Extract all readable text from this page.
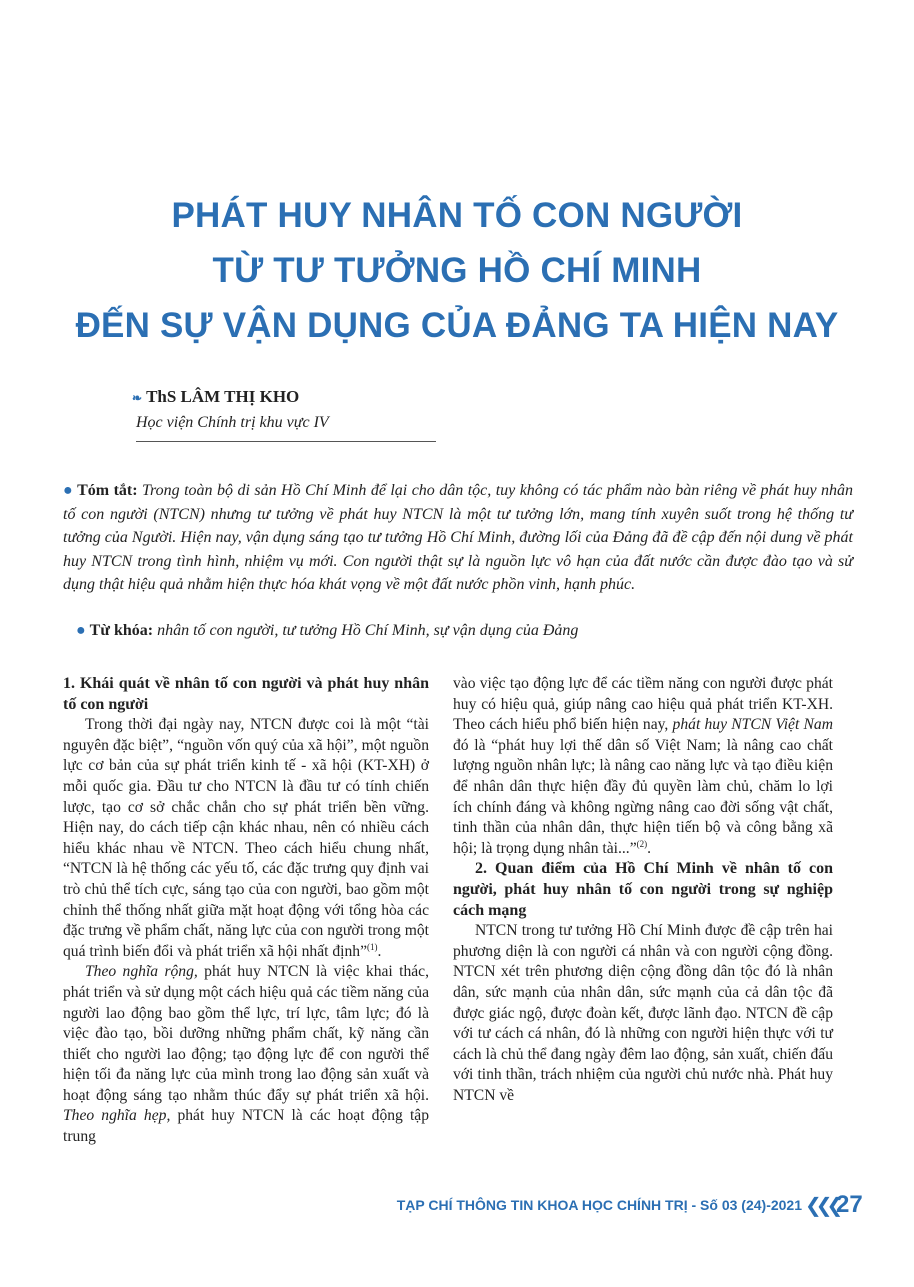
PHÁT HUY NHÂN TỐ CON NGƯỜI
TỪ TƯ TƯỞNG HỒ CHÍ MINH
ĐẾN SỰ VẬN DỤNG CỦA ĐẢNG TA HIỆN NAY
❧ ThS LÂM THỊ KHO
Học viện Chính trị khu vực IV
● Tóm tắt: Trong toàn bộ di sản Hồ Chí Minh để lại cho dân tộc, tuy không có tác phẩm nào bàn riêng về phát huy nhân tố con người (NTCN) nhưng tư tưởng về phát huy NTCN là một tư tưởng lớn, mang tính xuyên suốt trong hệ thống tư tưởng của Người. Hiện nay, vận dụng sáng tạo tư tưởng Hồ Chí Minh, đường lối của Đảng đã đề cập đến nội dung về phát huy NTCN trong tình hình, nhiệm vụ mới. Con người thật sự là nguồn lực vô hạn của đất nước cần được đào tạo và sử dụng thật hiệu quả nhằm hiện thực hóa khát vọng về một đất nước phồn vinh, hạnh phúc.
● Từ khóa: nhân tố con người, tư tưởng Hồ Chí Minh, sự vận dụng của Đảng
1. Khái quát về nhân tố con người và phát huy nhân tố con người

Trong thời đại ngày nay, NTCN được coi là một “tài nguyên đặc biệt”, “nguồn vốn quý của xã hội”, một nguồn lực cơ bản của sự phát triển kinh tế - xã hội (KT-XH) ở mỗi quốc gia. Đầu tư cho NTCN là đầu tư có tính chiến lược, tạo cơ sở chắc chắn cho sự phát triển bền vững. Hiện nay, do cách tiếp cận khác nhau, nên có nhiều cách hiểu khác nhau về NTCN. Theo cách hiểu chung nhất, “NTCN là hệ thống các yếu tố, các đặc trưng quy định vai trò chủ thể tích cực, sáng tạo của con người, bao gồm một chỉnh thể thống nhất giữa mặt hoạt động với tổng hòa các đặc trưng về phẩm chất, năng lực của con người trong một quá trình biến đổi và phát triển xã hội nhất định”$^{(1)}$.

Theo nghĩa rộng, phát huy NTCN là việc khai thác, phát triển và sử dụng một cách hiệu quả các tiềm năng của người lao động bao gồm thể lực, trí lực, tâm lực; đó là việc đào tạo, bồi dưỡng những phẩm chất, kỹ năng cần thiết cho người lao động; tạo động lực để con người thể hiện tối đa năng lực của mình trong lao động sản xuất và hoạt động sáng tạo nhằm thúc đẩy sự phát triển xã hội. Theo nghĩa hẹp, phát huy NTCN là các hoạt động tập trung

vào việc tạo động lực để các tiềm năng con người được phát huy có hiệu quả, giúp nâng cao hiệu quả phát triển KT-XH. Theo cách hiểu phổ biến hiện nay, phát huy NTCN Việt Nam đó là “phát huy lợi thế dân số Việt Nam; là nâng cao chất lượng nguồn nhân lực; là nâng cao năng lực và tạo điều kiện để nhân dân thực hiện đầy đủ quyền làm chủ, chăm lo lợi ích chính đáng và không ngừng nâng cao đời sống vật chất, tinh thần của nhân dân, thực hiện tiến bộ và công bằng xã hội; là trọng dụng nhân tài...”$^{(2)}$.

2. Quan điểm của Hồ Chí Minh về nhân tố con người, phát huy nhân tố con người trong sự nghiệp cách mạng

NTCN trong tư tưởng Hồ Chí Minh được đề cập trên hai phương diện là con người cá nhân và con người cộng đồng. NTCN xét trên phương diện cộng đồng dân tộc đó là nhân dân, sức mạnh của nhân dân, sức mạnh của cả dân tộc đã được giác ngộ, được đoàn kết, được lãnh đạo. NTCN đề cập với tư cách cá nhân, đó là những con người hiện thực với tư cách là chủ thể đang ngày đêm lao động, sản xuất, chiến đấu với tinh thần, trách nhiệm của người chủ nước nhà. Phát huy NTCN về

TẠP CHÍ THÔNG TIN KHOA HỌC CHÍNH TRỊ - Số 03 (24)-2021 ❮❮❮
27
